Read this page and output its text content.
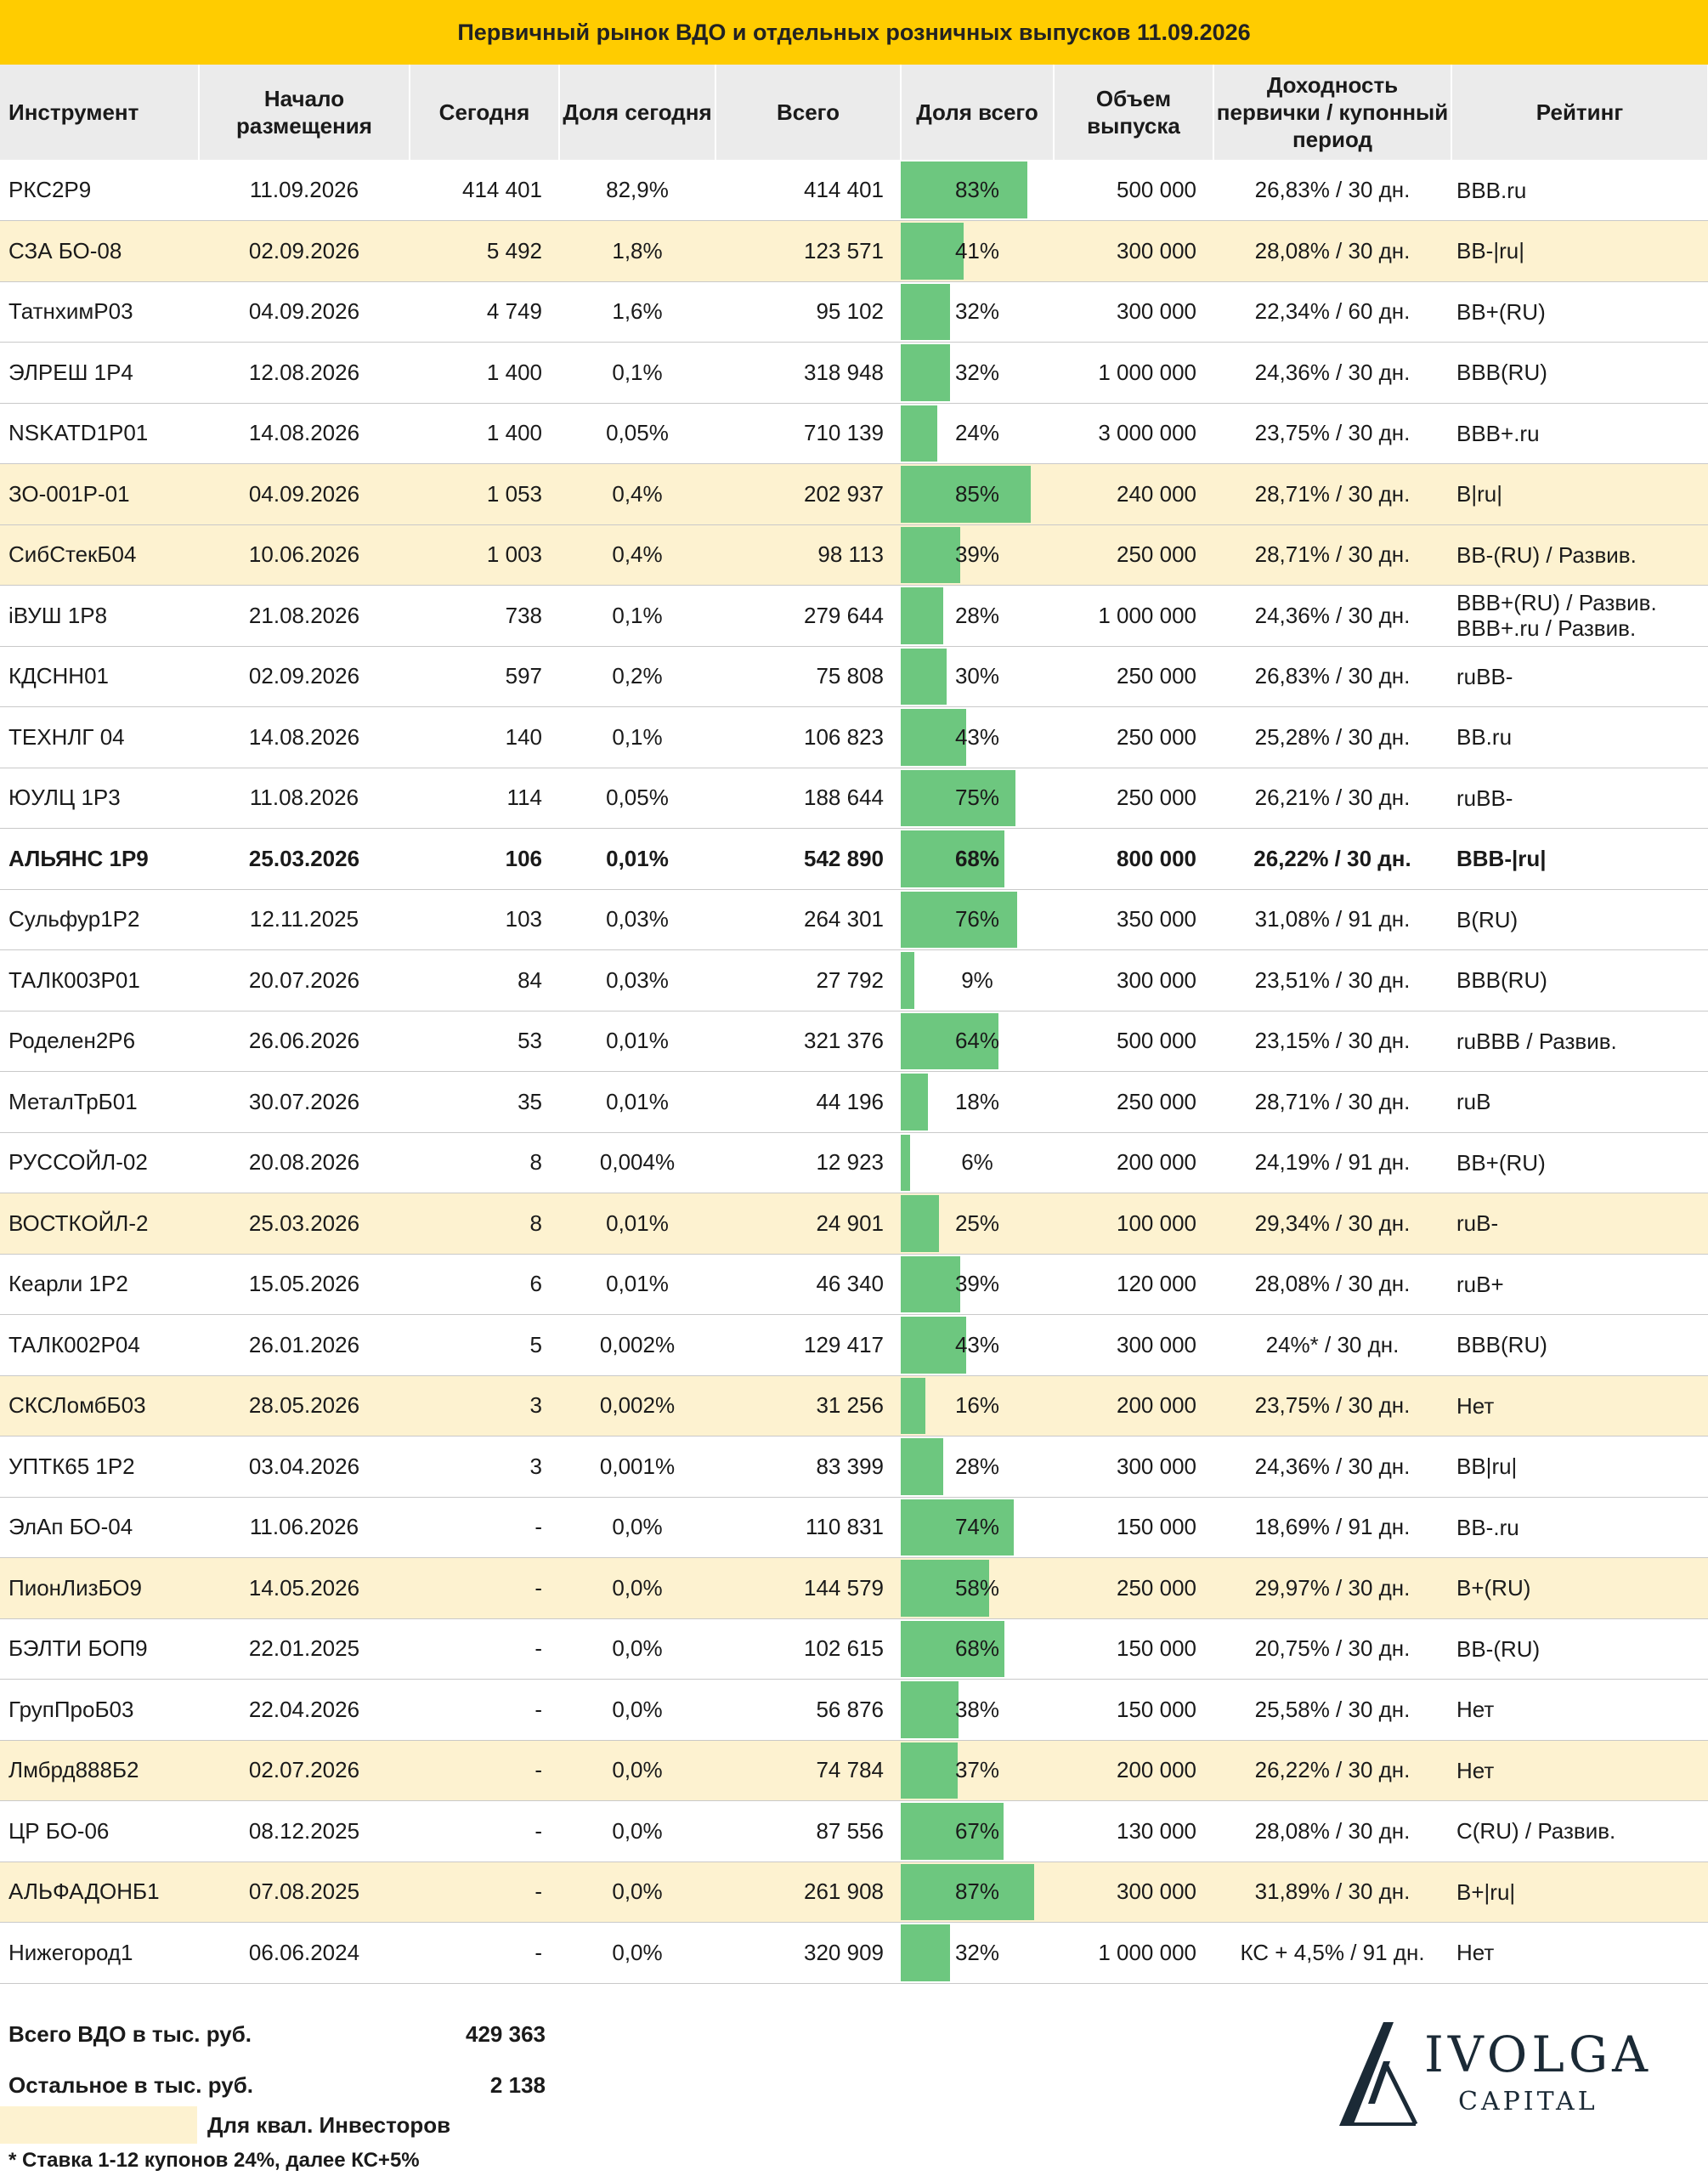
Первичный рынок ВДО и отдельных розничных выпусков 11.09.2026
Инструмент	Начало размещения	Сегодня	Доля сегодня	Всего	Доля всего	Объем выпуска	Доходность первички / купонный период	Рейтинг
РКС2Р9	11.09.2026	414 401	82,9%	414 401	83%	500 000	26,83% / 30 дн.	BBB.ru

СЗА БО-08	02.09.2026	5 492	1,8%	123 571	41%	300 000	28,08% / 30 дн.	BB-|ru|

ТатнхимР03	04.09.2026	4 749	1,6%	95 102	32%	300 000	22,34% / 60 дн.	BB+(RU)

ЭЛРЕШ 1Р4	12.08.2026	1 400	0,1%	318 948	32%	1 000 000	24,36% / 30 дн.	BBB(RU)

NSKATD1P01	14.08.2026	1 400	0,05%	710 139	24%	3 000 000	23,75% / 30 дн.	BBB+.ru

ЗО-001Р-01	04.09.2026	1 053	0,4%	202 937	85%	240 000	28,71% / 30 дн.	B|ru|

СибСтекБ04	10.06.2026	1 003	0,4%	98 113	39%	250 000	28,71% / 30 дн.	BB-(RU) / Развив.

iВУШ 1Р8	21.08.2026	738	0,1%	279 644	28%	1 000 000	24,36% / 30 дн.	BBB+(RU) / Развив.
BBB+.ru / Развив.

КДСНН01	02.09.2026	597	0,2%	75 808	30%	250 000	26,83% / 30 дн.	ruBB-

ТЕХНЛГ 04	14.08.2026	140	0,1%	106 823	43%	250 000	25,28% / 30 дн.	BB.ru

ЮУЛЦ 1Р3	11.08.2026	114	0,05%	188 644	75%	250 000	26,21% / 30 дн.	ruBB-

АЛЬЯНС 1Р9	25.03.2026	106	0,01%	542 890	68%	800 000	26,22% / 30 дн.	BBB-|ru|

Сульфур1Р2	12.11.2025	103	0,03%	264 301	76%	350 000	31,08% / 91 дн.	B(RU)

ТАЛК003Р01	20.07.2026	84	0,03%	27 792	9%	300 000	23,51% / 30 дн.	BBB(RU)

Роделен2Р6	26.06.2026	53	0,01%	321 376	64%	500 000	23,15% / 30 дн.	ruBBB / Развив.

МеталТрБ01	30.07.2026	35	0,01%	44 196	18%	250 000	28,71% / 30 дн.	ruB

РУССОЙЛ-02	20.08.2026	8	0,004%	12 923	6%	200 000	24,19% / 91 дн.	BB+(RU)

ВОСТКОЙЛ-2	25.03.2026	8	0,01%	24 901	25%	100 000	29,34% / 30 дн.	ruB-

Кеарли 1Р2	15.05.2026	6	0,01%	46 340	39%	120 000	28,08% / 30 дн.	ruB+

ТАЛК002Р04	26.01.2026	5	0,002%	129 417	43%	300 000	24%* / 30 дн.	BBB(RU)

СКСЛомбБ03	28.05.2026	3	0,002%	31 256	16%	200 000	23,75% / 30 дн.	Нет

УПТК65 1Р2	03.04.2026	3	0,001%	83 399	28%	300 000	24,36% / 30 дн.	BB|ru|

ЭлАп БО-04	11.06.2026	-	0,0%	110 831	74%	150 000	18,69% / 91 дн.	BB-.ru

ПионЛизБО9	14.05.2026	-	0,0%	144 579	58%	250 000	29,97% / 30 дн.	B+(RU)

БЭЛТИ БОП9	22.01.2025	-	0,0%	102 615	68%	150 000	20,75% / 30 дн.	BB-(RU)

ГрупПроБ03	22.04.2026	-	0,0%	56 876	38%	150 000	25,58% / 30 дн.	Нет

Лмбрд888Б2	02.07.2026	-	0,0%	74 784	37%	200 000	26,22% / 30 дн.	Нет

ЦР БО-06	08.12.2025	-	0,0%	87 556	67%	130 000	28,08% / 30 дн.	C(RU) / Развив.

АЛЬФАДОНБ1	07.08.2025	-	0,0%	261 908	87%	300 000	31,89% / 30 дн.	B+|ru|

Нижегород1	06.06.2024	-	0,0%	320 909	32%	1 000 000	КС + 4,5% / 91 дн.	Нет
Всего ВДО в тыс. руб.	429 363
Остальное в тыс. руб.	2 138
Для квал. Инвесторов
* Ставка 1-12 купонов 24%, далее КС+5%
IVOLGA
CAPITAL
